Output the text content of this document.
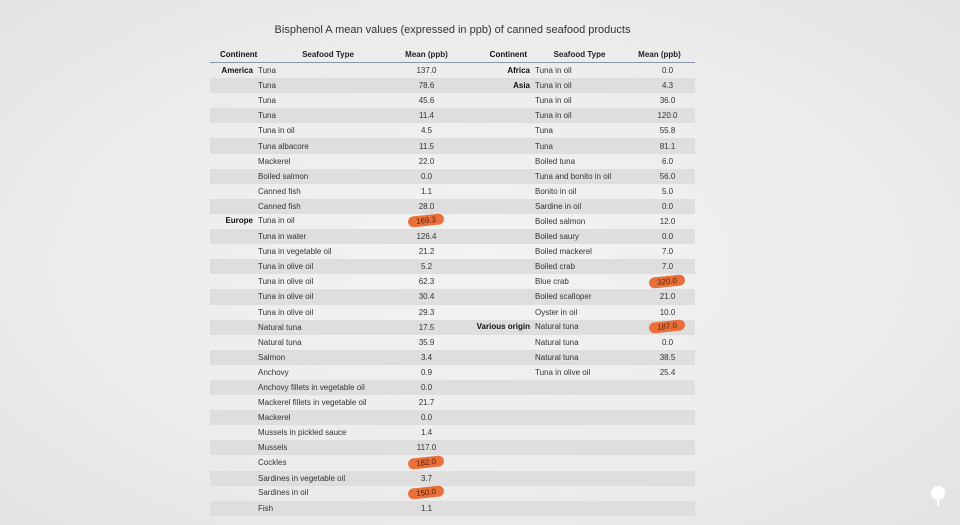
Bisphenol A mean values (expressed in ppb) of canned seafood products
Continent	Seafood Type	Mean (ppb)	Continent	Seafood Type	Mean (ppb)
America Tuna	137.0	Africa Tuna in oil	0.0
Tuna	78.6	Asia Tuna in oil	4.3
Tuna	45.6	Tuna in oil	36.0
Tuna	11.4	Tuna in oil	120.0
Tuna in oil	4.5	Tuna	55.8
Tuna albacore	11.5	Tuna	81.1
Mackerel	22.0	Boiled tuna	6.0
Boiled salmon	0.0	Tuna and bonito in oil	56.0
Canned fish	1.1	Bonito in oil	5.0
Canned fish	28.0	Sardine in oil	0.0
Europe Tuna in oil	169.3	Boiled salmon	12.0
Tuna in water	126.4	Boiled saury	0.0
Tuna in vegetable oil	21.2	Boiled mackerel	7.0
Tuna in olive oil	5.2	Boiled crab	7.0
Tuna in olive oil	62.3	Blue crab	320.0
Tuna in olive oil	30.4	Boiled scalloper	21.0
Tuna in olive oil	29.3	Oyster in oil	10.0
Natural tuna	17.5	Various origin Natural tuna	187.0
Natural tuna	35.9	Natural tuna	0.0
Salmon	3.4	Natural tuna	38.5
Anchovy	0.9	Tuna in olive oil	25.4
Anchovy fillets in vegetable oil	0.0
Mackerel fillets in vegetable oil	21.7
Mackerel	0.0
Mussels in pickled sauce	1.4
Mussels	117.0
Cockles	182.0
Sardines in vegetable oil	3.7
Sardines in oil	150.0
Fish	1.1
